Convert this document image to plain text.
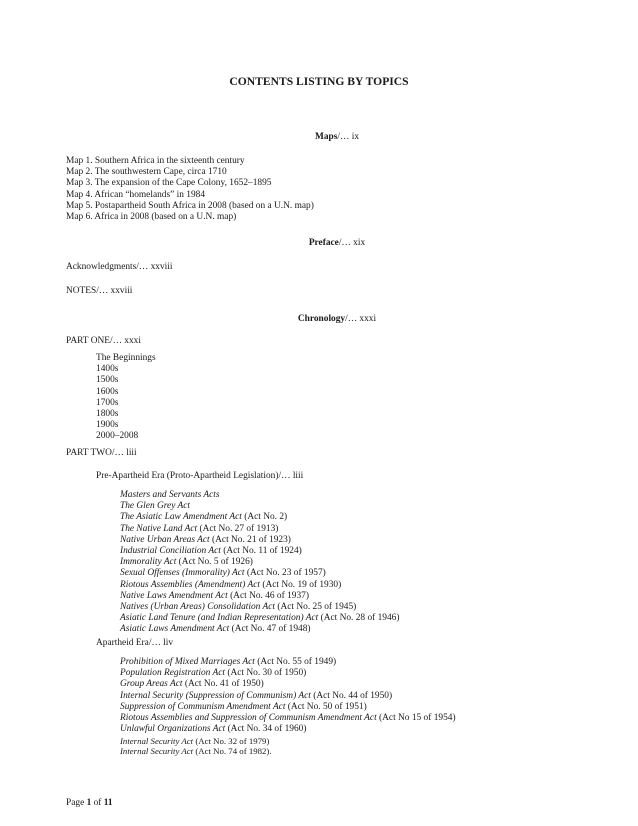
CONTENTS LISTING BY TOPICS
Maps/… ix
Map 1. Southern Africa in the sixteenth century
Map 2. The southwestern Cape, circa 1710
Map 3. The expansion of the Cape Colony, 1652–1895
Map 4. African “homelands” in 1984
Map 5. Postapartheid South Africa in 2008 (based on a U.N. map)
Map 6. Africa in 2008 (based on a U.N. map)
Preface/… xix
Acknowledgments/… xxviii
NOTES/… xxviii
Chronology/… xxxi
PART ONE/… xxxi
The Beginnings
1400s
1500s
1600s
1700s
1800s
1900s
2000–2008
PART TWO/… liii
Pre-Apartheid Era (Proto-Apartheid Legislation)/… liii
Masters and Servants Acts
The Glen Grey Act
The Asiatic Law Amendment Act (Act No. 2)
The Native Land Act (Act No. 27 of 1913)
Native Urban Areas Act (Act No. 21 of 1923)
Industrial Conciliation Act (Act No. 11 of 1924)
Immorality Act (Act No. 5 of 1926)
Sexual Offenses (Immorality) Act (Act No. 23 of 1957)
Riotous Assemblies (Amendment) Act (Act No. 19 of 1930)
Native Laws Amendment Act (Act No. 46 of 1937)
Natives (Urban Areas) Consolidation Act (Act No. 25 of 1945)
Asiatic Land Tenure (and Indian Representation) Act (Act No. 28 of 1946)
Asiatic Laws Amendment Act (Act No. 47 of 1948)
Apartheid Era/… liv
Prohibition of Mixed Marriages Act (Act No. 55 of 1949)
Population Registration Act (Act No. 30 of 1950)
Group Areas Act (Act No. 41 of 1950)
Internal Security (Suppression of Communism) Act (Act No. 44 of 1950)
Suppression of Communism Amendment Act (Act No. 50 of 1951)
Riotous Assemblies and Suppression of Communism Amendment Act (Act No 15 of 1954)
Unlawful Organizations Act (Act No. 34 of 1960)
Internal Security Act (Act No. 32 of 1979)
Internal Security Act (Act No. 74 of 1982).
Page 1 of 11
